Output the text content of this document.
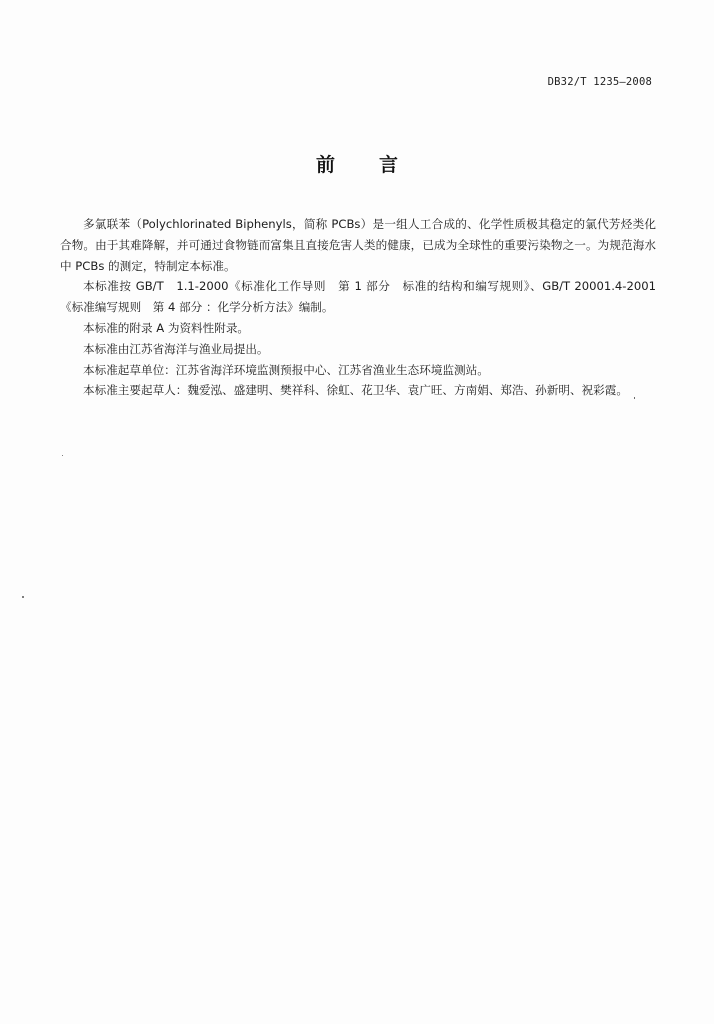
DB32/T 1235—2008
前 言

多氯联苯（Polychlorinated Biphenyls，简称 PCBs）是一组人工合成的、化学性质极其稳定的氯代芳烃类化合物。由于其难降解，并可通过食物链而富集且直接危害人类的健康，已成为全球性的重要污染物之一。为规范海水中 PCBs 的测定，特制定本标准。

本标准按 GB/T　1.1-2000《标准化工作导则　第 1 部分　标准的结构和编写规则》、GB/T 20001.4-2001《标准编写规则　第 4 部分 ：化学分析方法》编制。

本标准的附录 A 为资料性附录。

本标准由江苏省海洋与渔业局提出。

本标准起草单位：江苏省海洋环境监测预报中心、江苏省渔业生态环境监测站。

本标准主要起草人：魏爱泓、盛建明、樊祥科、徐虹、花卫华、袁广旺、方南娟、郑浩、孙新明、祝彩霞。
